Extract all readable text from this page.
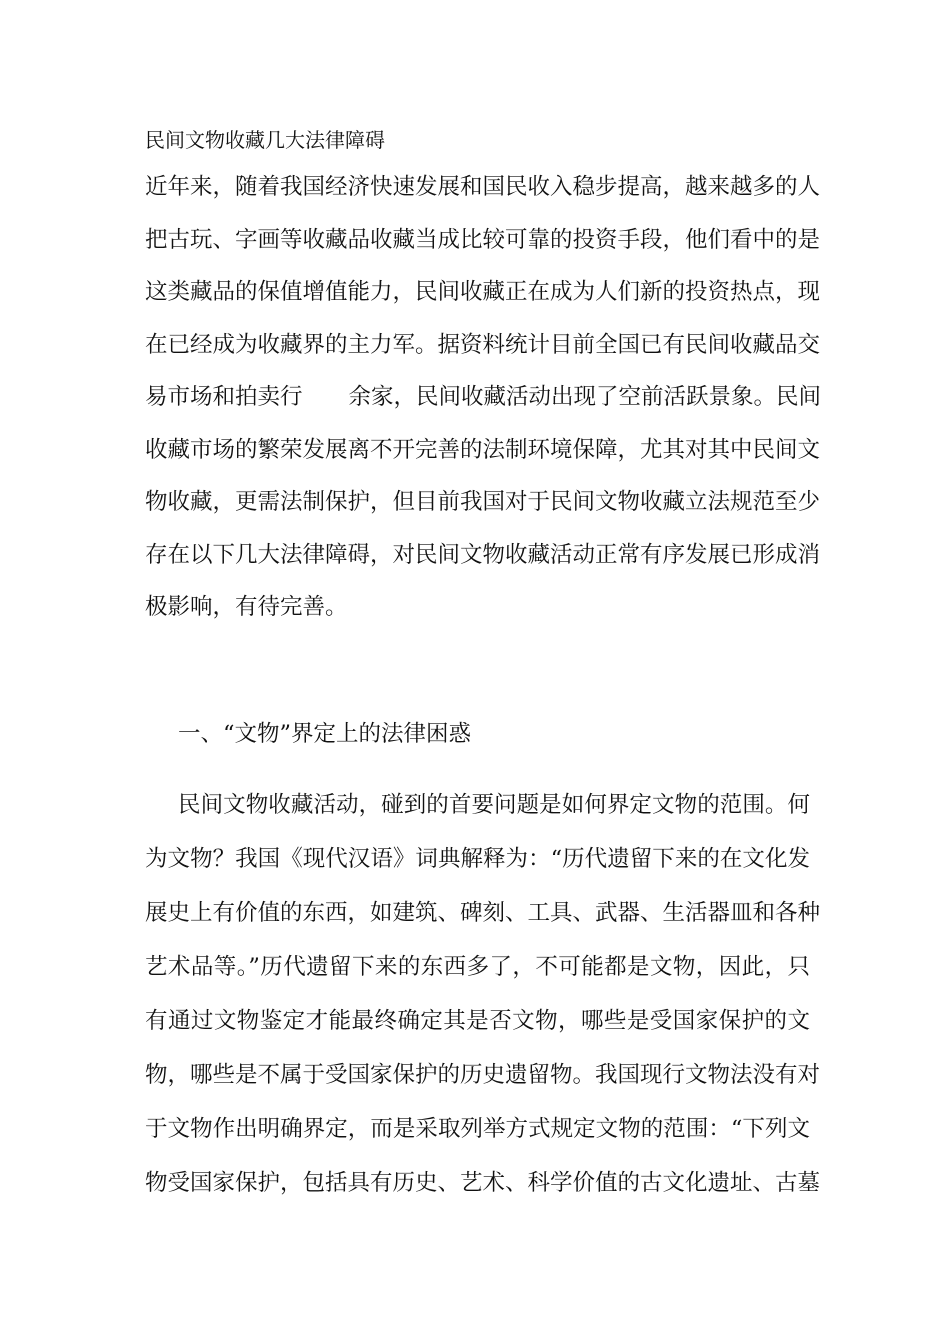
民间文物收藏几大法律障碍
近年来，随着我国经济快速发展和国民收入稳步提高，越来越多的人
把古玩、字画等收藏品收藏当成比较可靠的投资手段，他们看中的是
这类藏品的保值增值能力，民间收藏正在成为人们新的投资热点，现
在已经成为收藏界的主力军。据资料统计目前全国已有民间收藏品交
易市场和拍卖行 余家，民间收藏活动出现了空前活跃景象。民间
收藏市场的繁荣发展离不开完善的法制环境保障，尤其对其中民间文
物收藏，更需法制保护，但目前我国对于民间文物收藏立法规范至少
存在以下几大法律障碍，对民间文物收藏活动正常有序发展已形成消
极影响，有待完善。
一、“文物”界定上的法律困惑
民间文物收藏活动，碰到的首要问题是如何界定文物的范围。何
为文物？我国《现代汉语》词典解释为：“历代遗留下来的在文化发
展史上有价值的东西，如建筑、碑刻、工具、武器、生活器皿和各种
艺术品等。”历代遗留下来的东西多了，不可能都是文物，因此，只
有通过文物鉴定才能最终确定其是否文物，哪些是受国家保护的文
物，哪些是不属于受国家保护的历史遗留物。我国现行文物法没有对
于文物作出明确界定，而是采取列举方式规定文物的范围：“下列文
物受国家保护，包括具有历史、艺术、科学价值的古文化遗址、古墓
